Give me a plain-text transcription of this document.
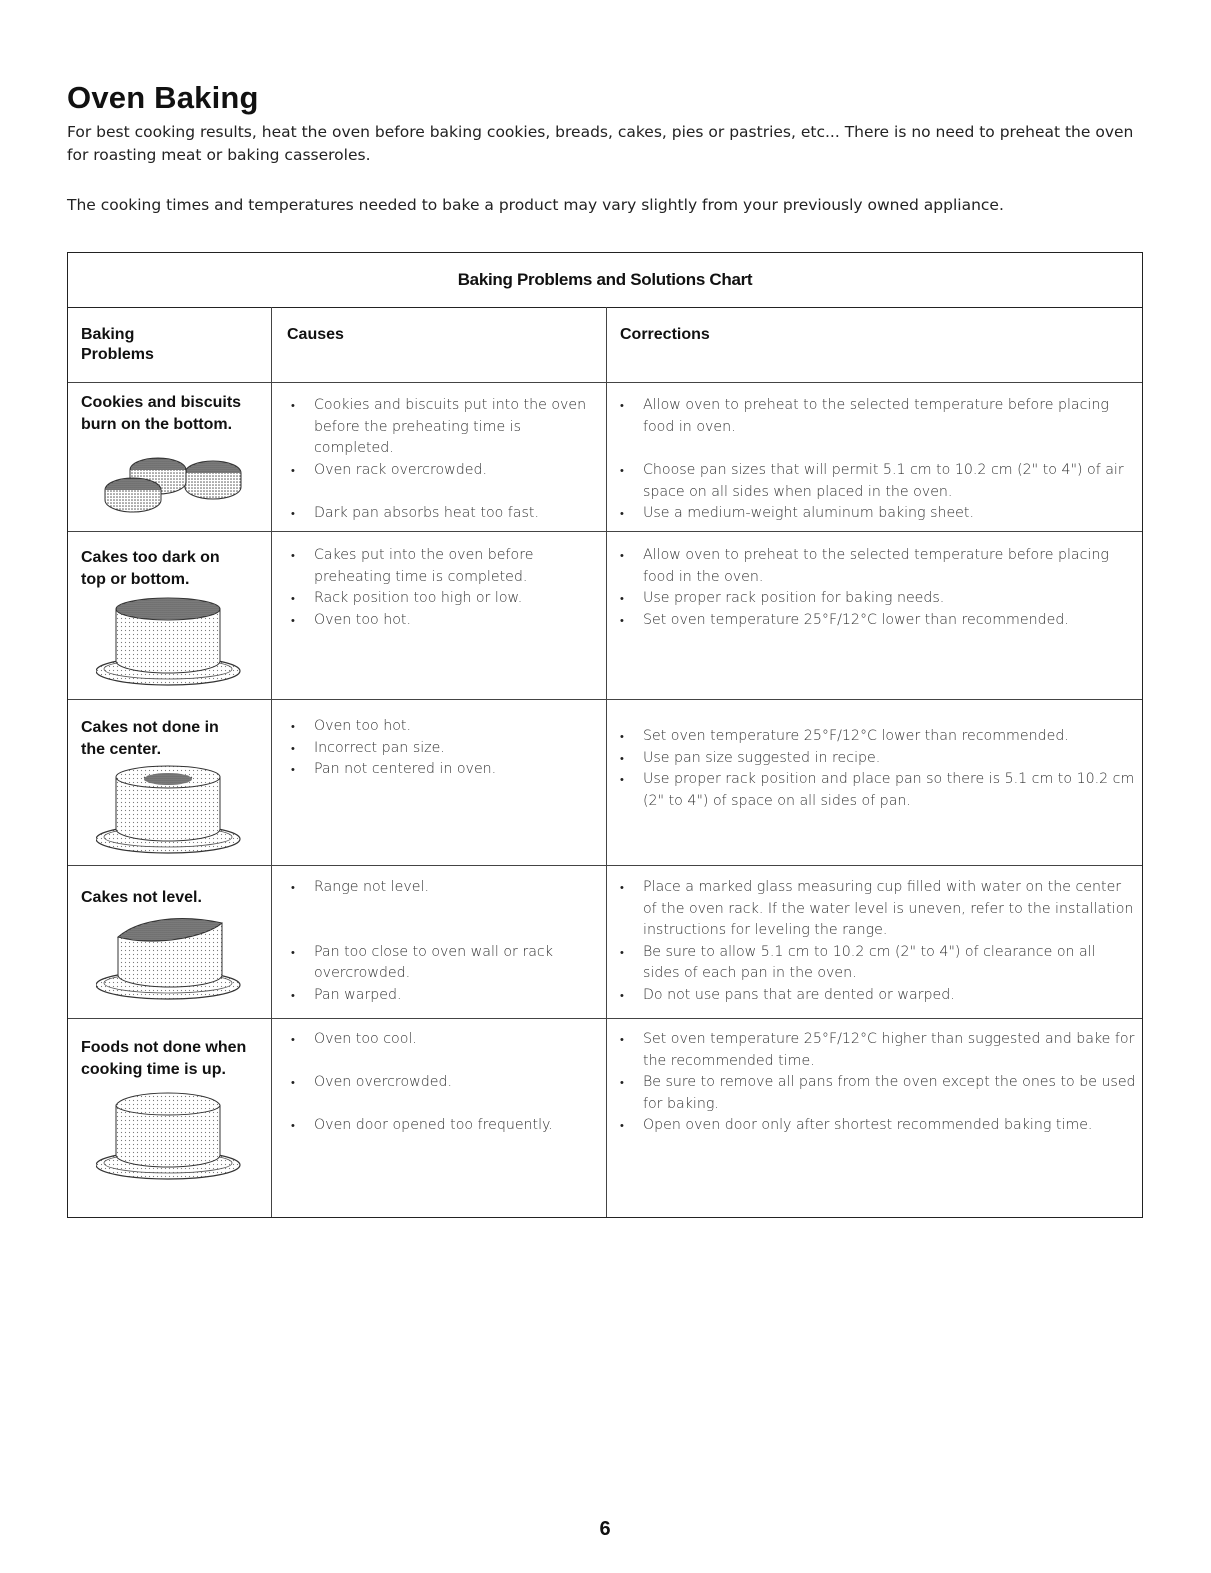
Oven Baking

For best cooking results, heat the oven before baking cookies, breads, cakes, pies or pastries, etc... There is no need to preheat the oven for roasting meat or baking casseroles.

The cooking times and temperatures needed to bake a product may vary slightly from your previously owned appliance.

Baking Problems and Solutions Chart
Baking Problems
Causes	Corrections
Cookies and biscuits
burn on the bottom.
• Cookies and biscuits put into the oven before the preheating time is completed.
• Oven rack overcrowded.
• Dark pan absorbs heat too fast.
• Allow oven to preheat to the selected temperature before placing food in oven.
• Choose pan sizes that will permit 5.1 cm to 10.2 cm (2" to 4") of air space on all sides when placed in the oven.
• Use a medium-weight aluminum baking sheet.
Cakes too dark on
top or bottom.
• Cakes put into the oven before preheating time is completed.
• Rack position too high or low.
• Oven too hot.
• Allow oven to preheat to the selected temperature before placing food in the oven.
• Use proper rack position for baking needs.
• Set oven temperature 25°F/12°C lower than recommended.
Cakes not done in
the center.
• Oven too hot.
• Incorrect pan size.
• Pan not centered in oven.
• Set oven temperature 25°F/12°C lower than recommended.
• Use pan size suggested in recipe.
• Use proper rack position and place pan so there is 5.1 cm to 10.2 cm (2" to 4") of space on all sides of pan.
Cakes not level.
• Range not level.
• Pan too close to oven wall or rack overcrowded.
• Pan warped.
• Place a marked glass measuring cup filled with water on the center of the oven rack. If the water level is uneven, refer to the installation instructions for leveling the range.
• Be sure to allow 5.1 cm to 10.2 cm (2" to 4") of clearance on all sides of each pan in the oven.
• Do not use pans that are dented or warped.
Foods not done when
cooking time is up.
• Oven too cool.
• Oven overcrowded.
• Oven door opened too frequently.
• Set oven temperature 25°F/12°C higher than suggested and bake for the recommended time.
• Be sure to remove all pans from the oven except the ones to be used for baking.
• Open oven door only after shortest recommended baking time.
6
